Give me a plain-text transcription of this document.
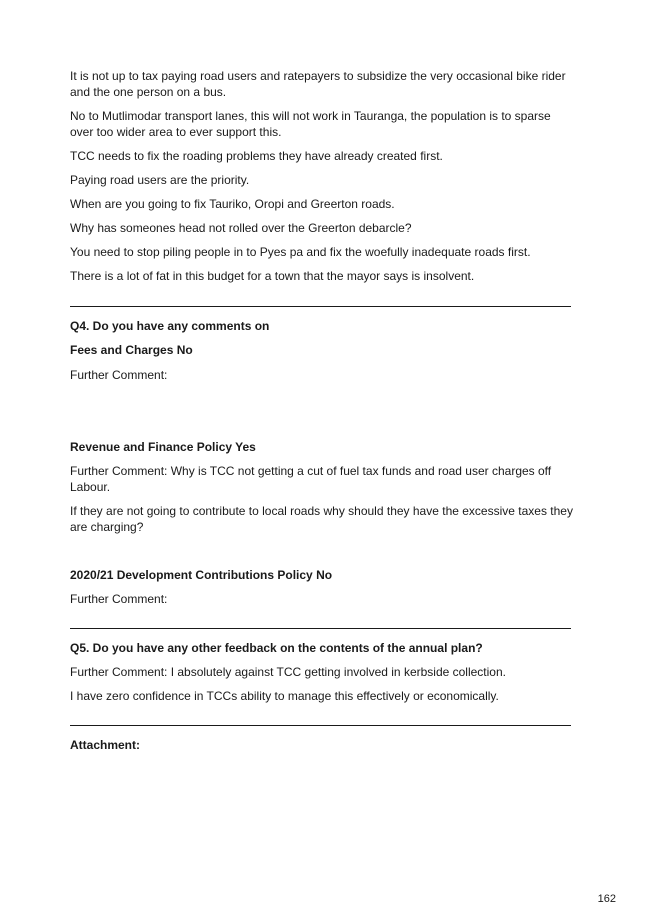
It is not up to tax paying road users and ratepayers to subsidize the very occasional bike rider and the one person on a bus.

No to Mutlimodar transport lanes, this will not work in Tauranga, the population is to sparse over too wider area to ever support this.

TCC needs to fix the roading problems they have already created first.

Paying road users are the priority.

When are you going to fix Tauriko, Oropi and Greerton roads.

Why has someones head not rolled over the Greerton debarcle?

You need to stop piling people in to Pyes pa and fix the woefully inadequate roads first.

There is a lot of fat in this budget for a town that the mayor says is insolvent.

Q4. Do you have any comments on

Fees and Charges No

Further Comment:

Revenue and Finance Policy Yes

Further Comment: Why is TCC not getting a cut of fuel tax funds and road user charges off Labour.

If they are not going to contribute to local roads why should they have the excessive taxes they are charging?

2020/21 Development Contributions Policy No

Further Comment:

Q5. Do you have any other feedback on the contents of the annual plan?

Further Comment: I absolutely against TCC getting involved in kerbside collection.

I have zero confidence in TCCs ability to manage this effectively or economically.

Attachment:

162
